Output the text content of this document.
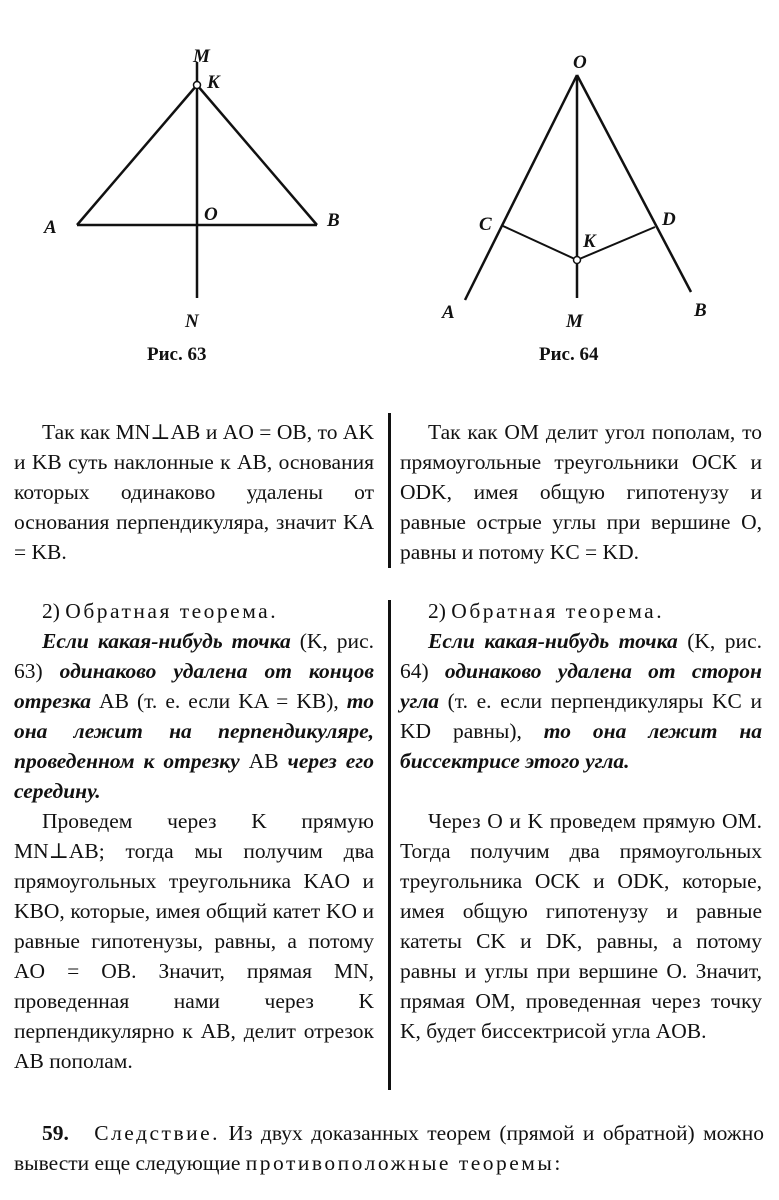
M
K
A
O	B
N
O
C	D
K
A	M
B
Рис. 63	Рис. 64

Так как MN⊥AB и AO = OB, то AK и KB суть наклонные к AB, основания которых одинаково удалены от основания перпендикуляра, значит KA = KB.

Так как OM делит угол пополам, то прямоугольные треугольники OCK и ODK, имея общую гипотенузу и равные острые углы при вершине O, равны и потому KC = KD.

2) Обратная теорема.

Если какая-нибудь точка (K, рис. 63) одинаково удалена от концов отрезка AB (т. е. если KA = KB), то она лежит на перпендикуляре, проведенном к отрезку AB через его середину.

Проведем через K прямую MN⊥AB; тогда мы получим два прямоугольных треугольника KAO и KBO, которые, имея общий катет KO и равные гипотенузы, равны, а потому AO = OB. Значит, прямая MN, проведенная нами через K перпендикулярно к AB, делит отрезок AB пополам.

2) Обратная теорема.

Если какая-нибудь точка (K, рис. 64) одинаково удалена от сторон угла (т. е. если перпендикуляры KC и KD равны), то она лежит на биссектрисе этого угла.

Через O и K проведем прямую OM. Тогда получим два прямоугольных треугольника OCK и ODK, которые, имея общую гипотенузу и равные катеты CK и DK, равны, а потому равны и углы при вершине O. Значит, прямая OM, проведенная через точку K, будет биссектрисой угла AOB.

59. Следствие. Из двух доказанных теорем (прямой и обратной) можно вывести еще следующие противоположные теоремы:
